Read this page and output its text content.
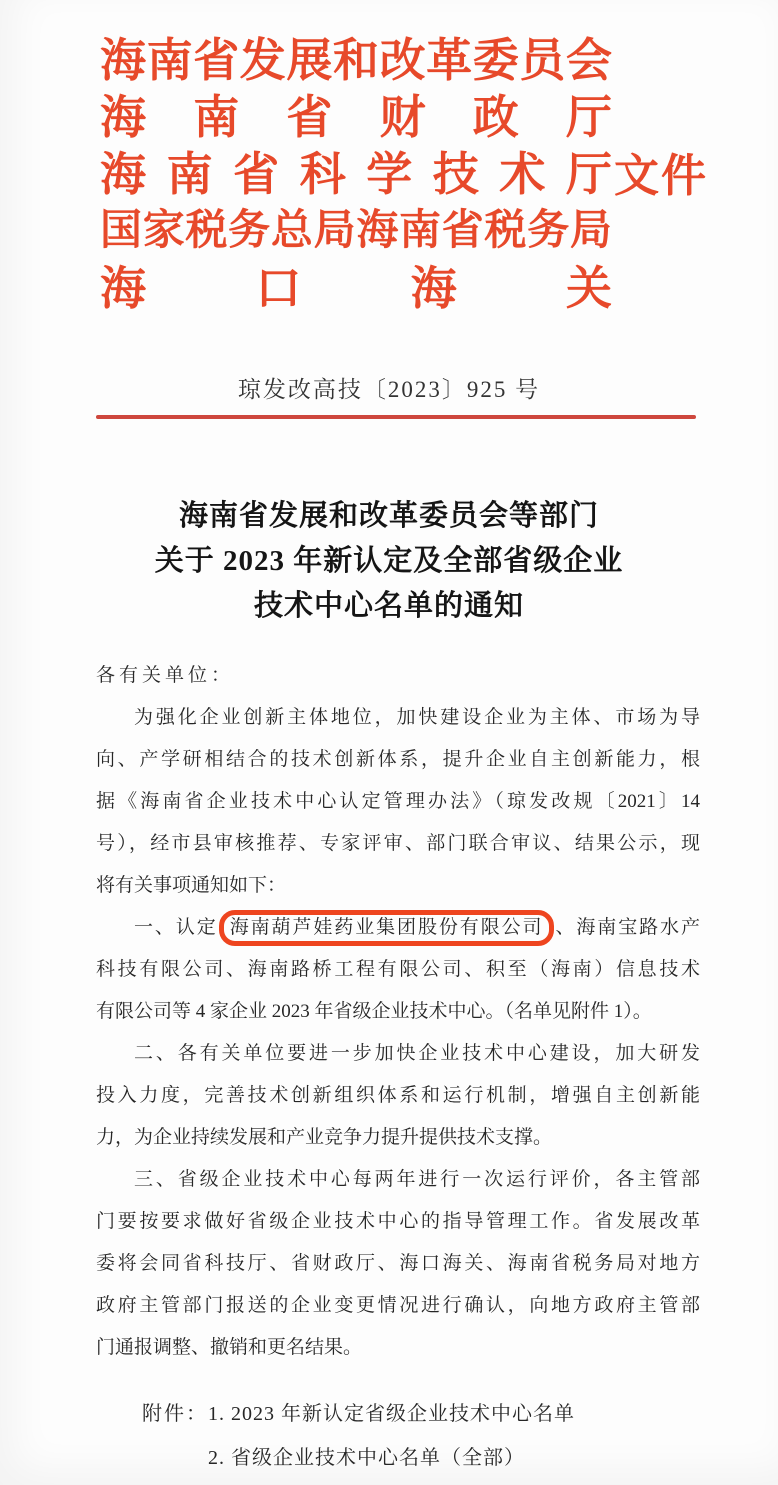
海 南 省 发 展 和 改 革 委 员 会
海 南 省 财 政 厅
海 南 省 科 学 技 术 厅
国 家 税 务 总 局 海 南 省 税 务 局
海 口 海 关
文件
琼发改高技〔2023〕925 号
海南省发展和改革委员会等部门
关于 2023 年新认定及全部省级企业
技术中心名单的通知
各有关单位：
为强化企业创新主体地位，加快建设企业为主体、市场为导
向、产学研相结合的技术创新体系，提升企业自主创新能力，根
据《海南省企业技术中心认定管理办法》（琼发改规〔2021〕14
号），经市县审核推荐、专家评审、部门联合审议、结果公示，现
将有关事项通知如下：
一、认定 海南葫芦娃药业集团股份有限公司 、海南宝路水产
科技有限公司、海南路桥工程有限公司、积至（海南）信息技术
有限公司等 4 家企业 2023 年省级企业技术中心。（名单见附件 1）。
二、各有关单位要进一步加快企业技术中心建设，加大研发
投入力度，完善技术创新组织体系和运行机制，增强自主创新能
力，为企业持续发展和产业竞争力提升提供技术支撑。
三、省级企业技术中心每两年进行一次运行评价，各主管部
门要按要求做好省级企业技术中心的指导管理工作。省发展改革
委将会同省科技厅、省财政厅、海口海关、海南省税务局对地方
政府主管部门报送的企业变更情况进行确认，向地方政府主管部
门通报调整、撤销和更名结果。
附件： 1. 2023 年新认定省级企业技术中心名单
2. 省级企业技术中心名单（全部）
